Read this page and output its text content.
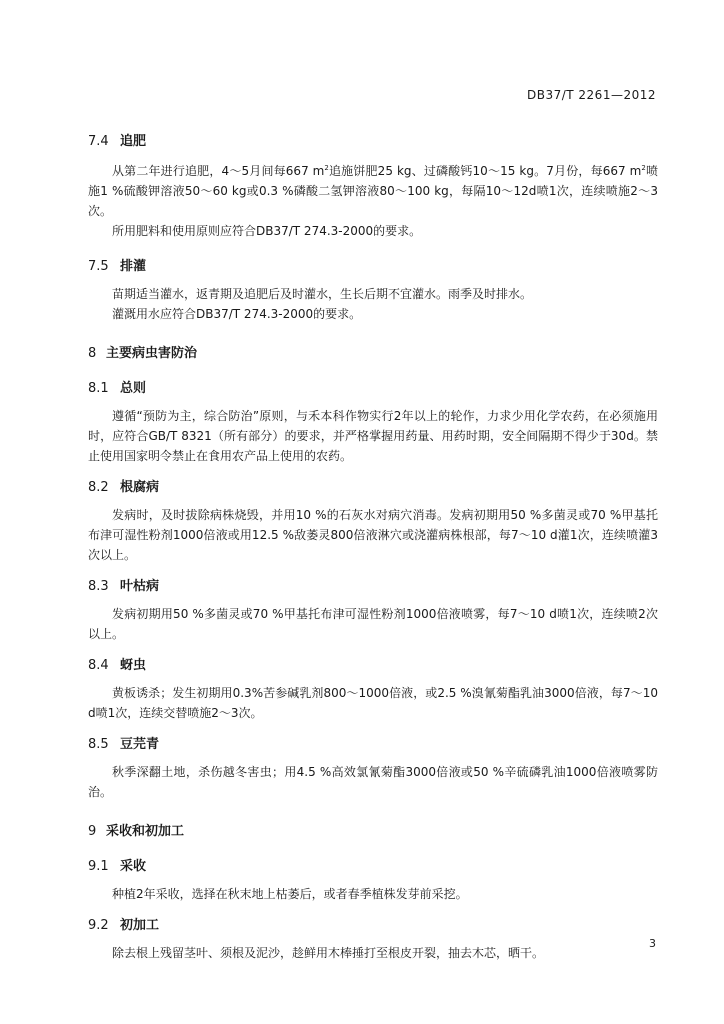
DB37/T 2261—2012
7.4 追肥

从第二年进行追肥，4～5月间每667 $m^2$追施饼肥25 kg、过磷酸钙10～15 kg。7月份，每667 $m^2$喷施1 %硫酸钾溶液50～60 kg或0.3 %磷酸二氢钾溶液80～100 kg，每隔10～12d喷1次，连续喷施2～3次。

所用肥料和使用原则应符合DB37/T 274.3-2000的要求。

7.5 排灌

苗期适当灌水，返青期及追肥后及时灌水，生长后期不宜灌水。雨季及时排水。

灌溉用水应符合DB37/T 274.3-2000的要求。

8 主要病虫害防治
8.1 总则

遵循“预防为主，综合防治”原则，与禾本科作物实行2年以上的轮作，力求少用化学农药，在必须施用时，应符合GB/T 8321（所有部分）的要求，并严格掌握用药量、用药时期，安全间隔期不得少于30d。禁止使用国家明令禁止在食用农产品上使用的农药。

8.2 根腐病

发病时，及时拔除病株烧毁，并用10 %的石灰水对病穴消毒。发病初期用50 %多菌灵或70 %甲基托布津可湿性粉剂1000倍液或用12.5 %敌萎灵800倍液淋穴或浇灌病株根部，每7～10 d灌1次，连续喷灌3次以上。

8.3 叶枯病

发病初期用50 %多菌灵或70 %甲基托布津可湿性粉剂1000倍液喷雾，每7～10 d喷1次，连续喷2次以上。

8.4 蚜虫

黄板诱杀；发生初期用0.3%苦参碱乳剂800～1000倍液，或2.5 %溴氰菊酯乳油3000倍液，每7～10 d喷1次，连续交替喷施2～3次。

8.5 豆芫青

秋季深翻土地，杀伤越冬害虫；用4.5 %高效氯氰菊酯3000倍液或50 %辛硫磷乳油1000倍液喷雾防治。

9 采收和初加工
9.1 采收

种植2年采收，选择在秋末地上枯萎后，或者春季植株发芽前采挖。

9.2 初加工

除去根上残留茎叶、须根及泥沙，趁鲜用木棒捶打至根皮开裂，抽去木芯，晒干。

3
